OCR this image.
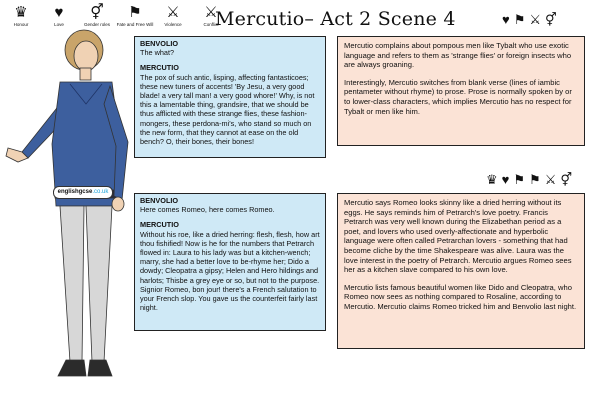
♛
Honour
♥
Love
⚥
Gender roles
⚑
Fate and Free Will
⚔
Violence
⚔
Conflict
Mercutio– Act 2 Scene 4	♥ ⚑ ⚔ ⚥
englishgcse.co.uk
BENVOLIO
The what?
MERCUTIO
The pox of such antic, lisping, affecting fantasticoes; these new tuners of accents! 'By Jesu, a very good blade! a very tall man! a very good whore!' Why, is not this a lamentable thing, grandsire, that we should be thus afflicted with these strange flies, these fashion-mongers, these perdona-mi's, who stand so much on the new form, that they cannot at ease on the old bench? O, their bones, their bones!

Mercutio complains about pompous men like Tybalt who use exotic language and refers to them as 'strange flies' or foreign insects who are always groaning.

Interestingly, Mercutio switches from blank verse (lines of iambic pentameter without rhyme) to prose. Prose is normally spoken by or to lower-class characters, which implies Mercutio has no respect for Tybalt or men like him.

♛ ♥ ⚑ ⚑ ⚔ ⚥
BENVOLIO
Here comes Romeo, here comes Romeo.
MERCUTIO
Without his roe, like a dried herring: flesh, flesh, how art thou fishified! Now is he for the numbers that Petrarch flowed in: Laura to his lady was but a kitchen-wench; marry, she had a better love to be-rhyme her; Dido a dowdy; Cleopatra a gipsy; Helen and Hero hildings and harlots; Thisbe a grey eye or so, but not to the purpose. Signior Romeo, bon jour! there's a French salutation to your French slop. You gave us the counterfeit fairly last night.

Mercutio says Romeo looks skinny like a dried herring without its eggs. He says reminds him of Petrarch's love poetry. Francis Petrarch was very well known during the Elizabethan period as a poet, and lovers who used overly-affectionate and hyperbolic language were often called Petrarchan lovers - something that had become cliche by the time Shakespeare was alive. Laura was the love interest in the poetry of Petrarch. Mercutio argues Romeo sees her as a kitchen slave compared to his own love.

Mercutio lists famous beautiful women like Dido and Cleopatra, who Romeo now sees as nothing compared to Rosaline, according to Mercutio. Mercutio claims Romeo tricked him and Benvolio last night.
